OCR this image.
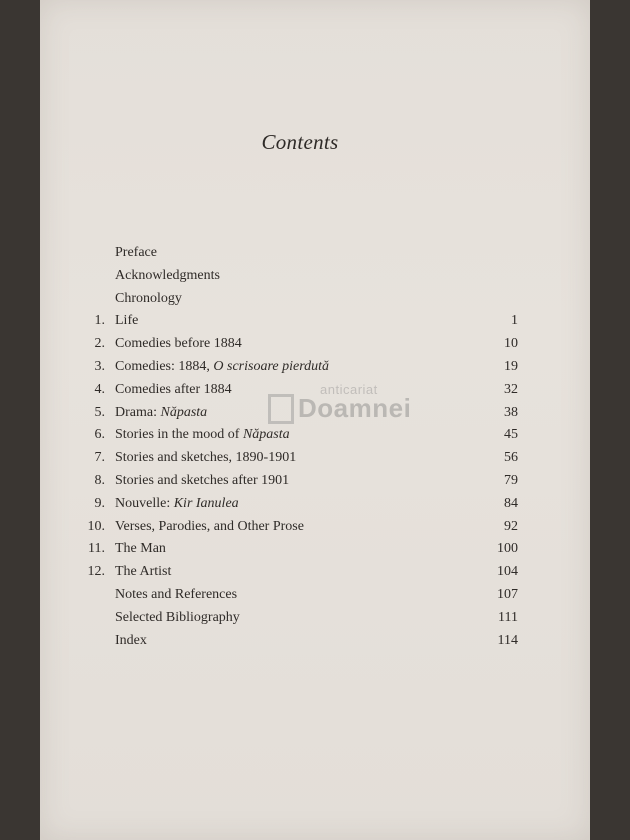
Contents
Preface
Acknowledgments
Chronology
1. Life	1
2. Comedies before 1884	10
3. Comedies: 1884, O scrisoare pierdută	19
4. Comedies after 1884	32
5. Drama: Năpasta	38
6. Stories in the mood of Năpasta	45
7. Stories and sketches, 1890-1901	56
8. Stories and sketches after 1901	79
9. Nouvelle: Kir Ianulea	84
10. Verses, Parodies, and Other Prose	92
11. The Man	100
12. The Artist	104
Notes and References	107
Selected Bibliography	111
Index	114
anticariat
Doamnei
